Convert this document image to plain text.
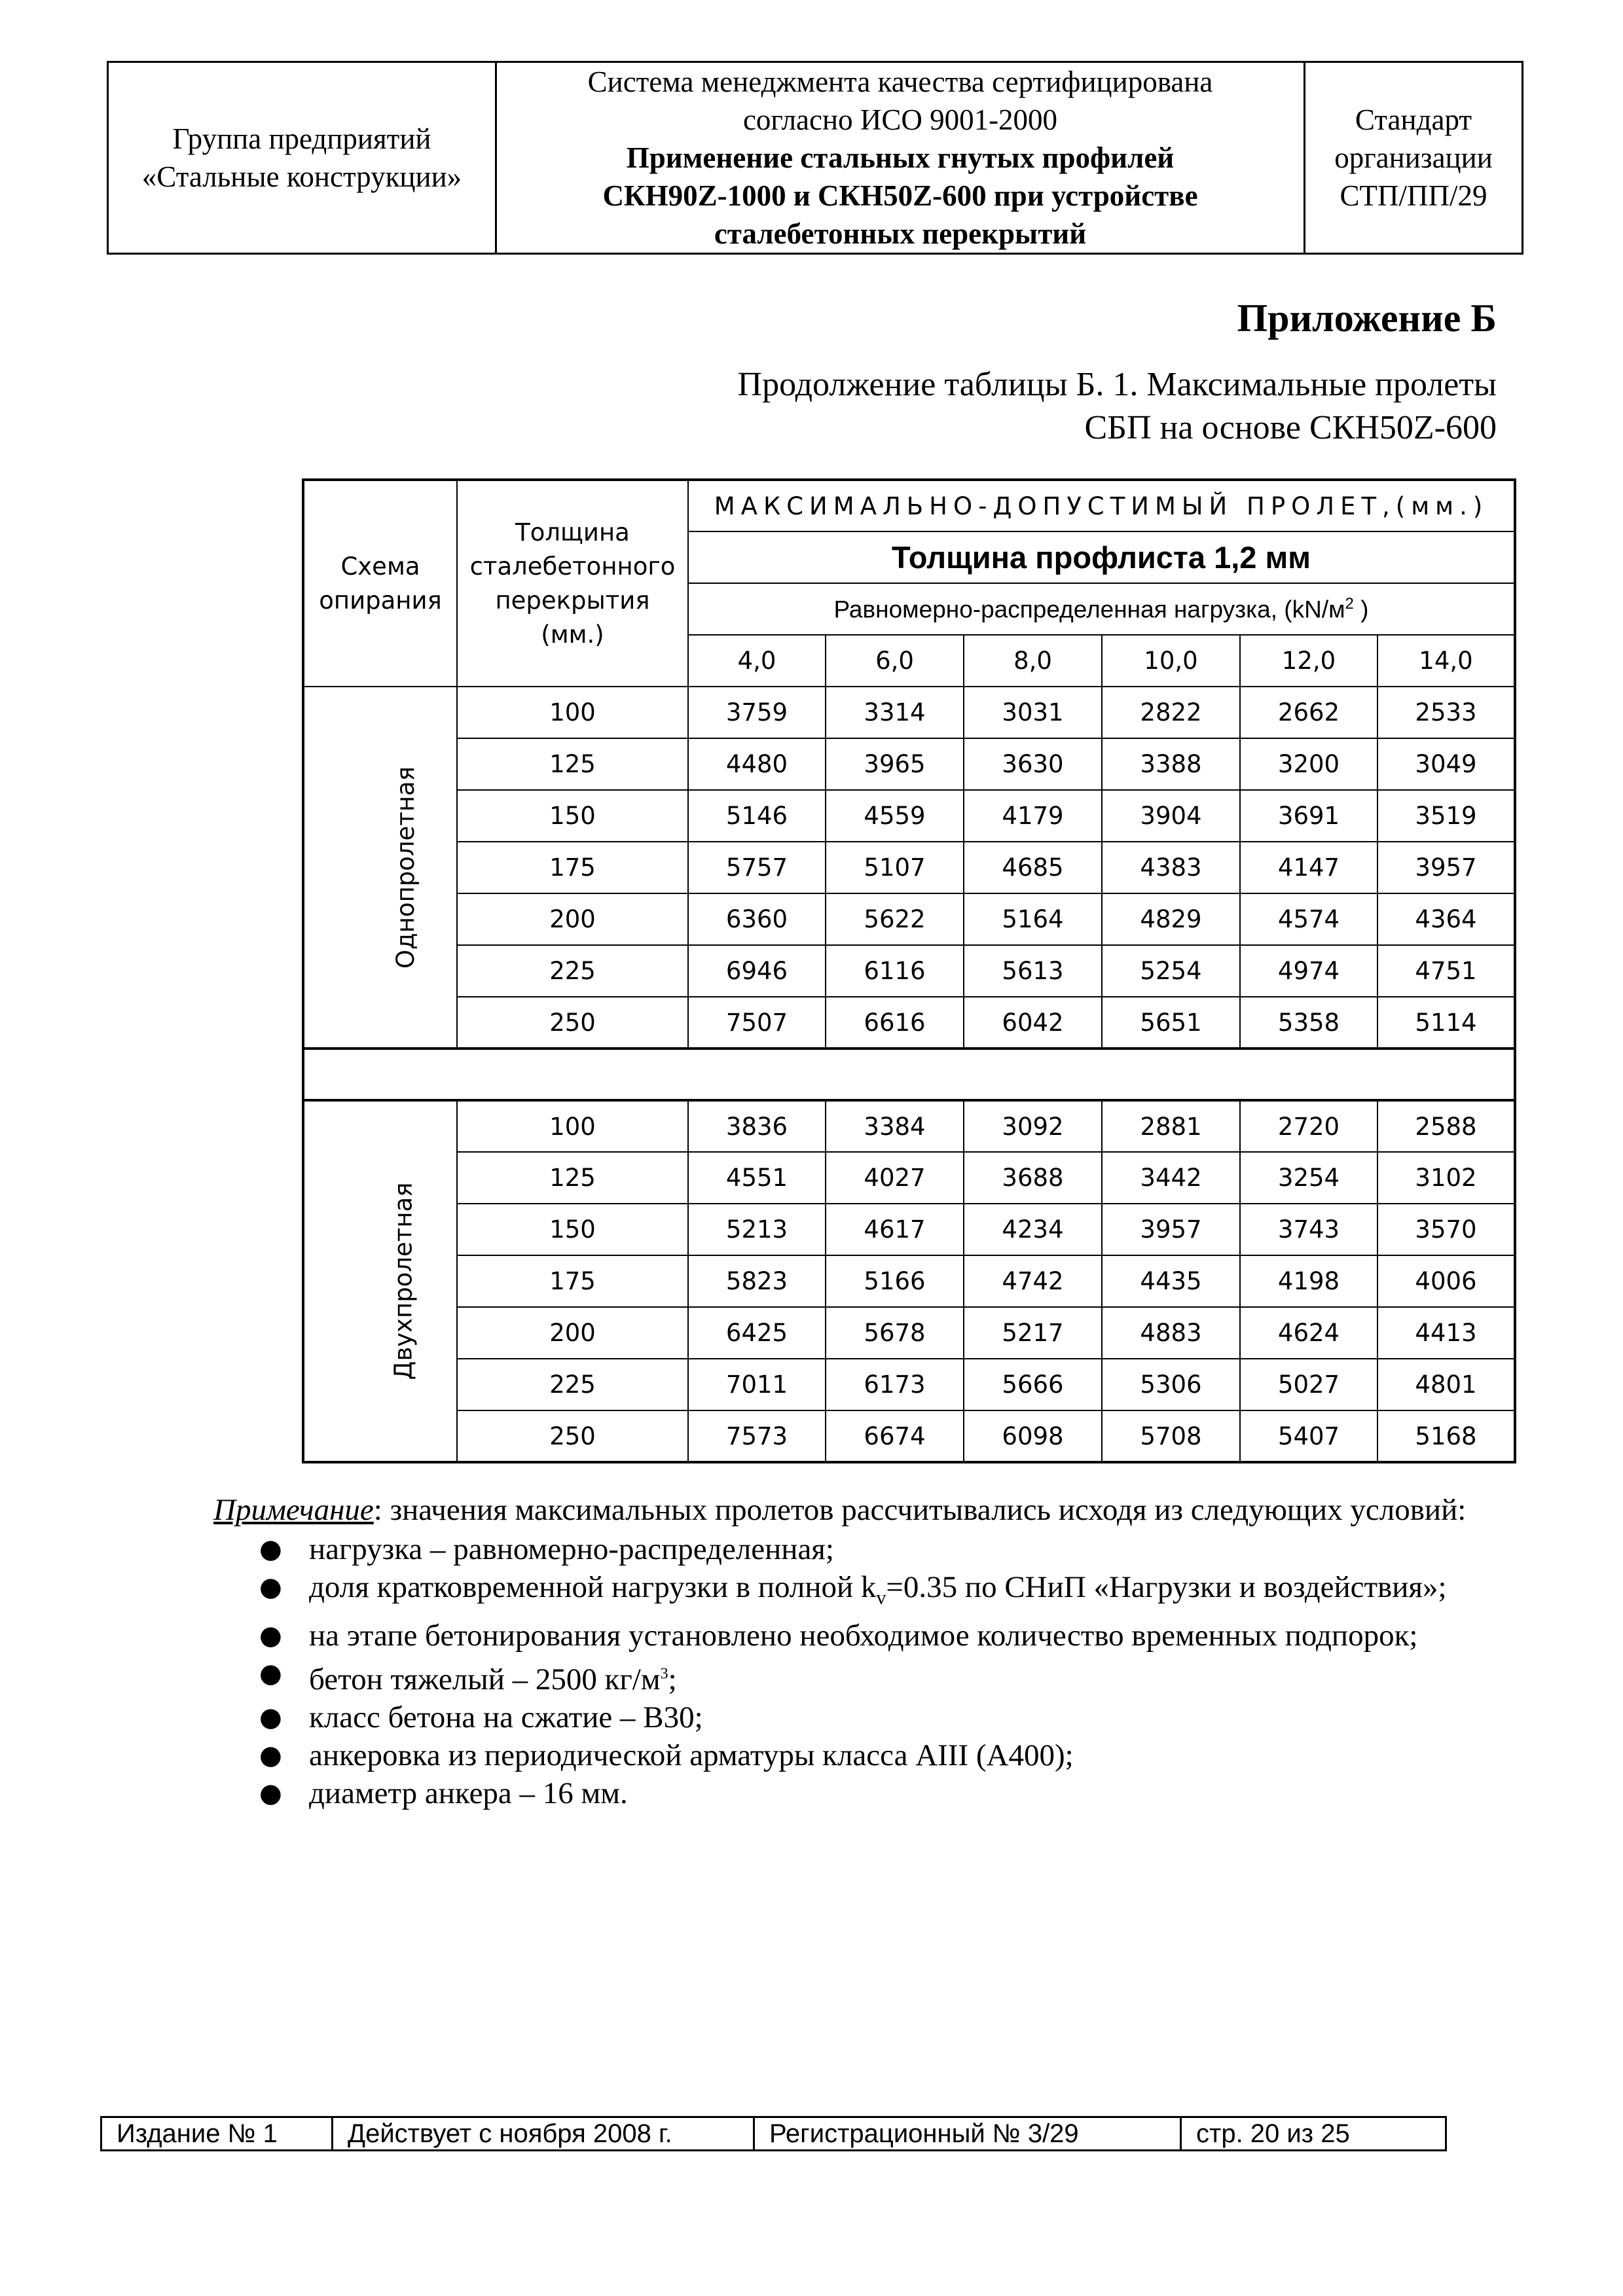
Группа предприятий
«Стальные конструкции»

Система менеджмента качества сертифицирована
согласно ИСО 9001-2000
Применение стальных гнутых профилей
СКН90Z-1000 и СКН50Z-600 при устройстве
сталебетонных перекрытий

Стандарт
организации
СТП/ПП/29
Приложение Б
Продолжение таблицы Б. 1. Максимальные пролеты
СБП на основе СКН50Z-600
Схема
опирания	Толщина
сталебетонного
перекрытия
(мм.)	МАКСИМАЛЬНО-ДОПУСТИМЫЙ ПРОЛЕТ,(мм.)					
		Толщина профлиста 1,2 мм					
		Равномерно-распределенная нагрузка, ($kN/м^2$ )					
		4,0	6,0	8,0	10,0	12,0	14,0
Однопролетная	100	3759	3314	3031	2822	2662	2533
	125	4480	3965	3630	3388	3200	3049
	150	5146	4559	4179	3904	3691	3519
	175	5757	5107	4685	4383	4147	3957
	200	6360	5622	5164	4829	4574	4364
	225	6946	6116	5613	5254	4974	4751
	250	7507	6616	6042	5651	5358	5114

Двухпролетная	100	3836	3384	3092	2881	2720	2588
	125	4551	4027	3688	3442	3254	3102
	150	5213	4617	4234	3957	3743	3570
	175	5823	5166	4742	4435	4198	4006
	200	6425	5678	5217	4883	4624	4413
	225	7011	6173	5666	5306	5027	4801
	250	7573	6674	6098	5708	5407	5168

Примечание: значения максимальных пролетов рассчитывались исходя из следующих условий:

● нагрузка – равномерно-распределенная;
● доля кратковременной нагрузки в полной $k_v=0.35$ по СНиП «Нагрузки и воздействия»;
● на этапе бетонирования установлено необходимое количество временных подпорок;
● бетон тяжелый – 2500 $кг/м^3$;
● класс бетона на сжатие – B30;
● анкеровка из периодической арматуры класса AIII (A400);
● диаметр анкера – 16 мм.
Издание № 1	Действует с ноября 2008 г.	Регистрационный № 3/29	стр. 20 из 25
